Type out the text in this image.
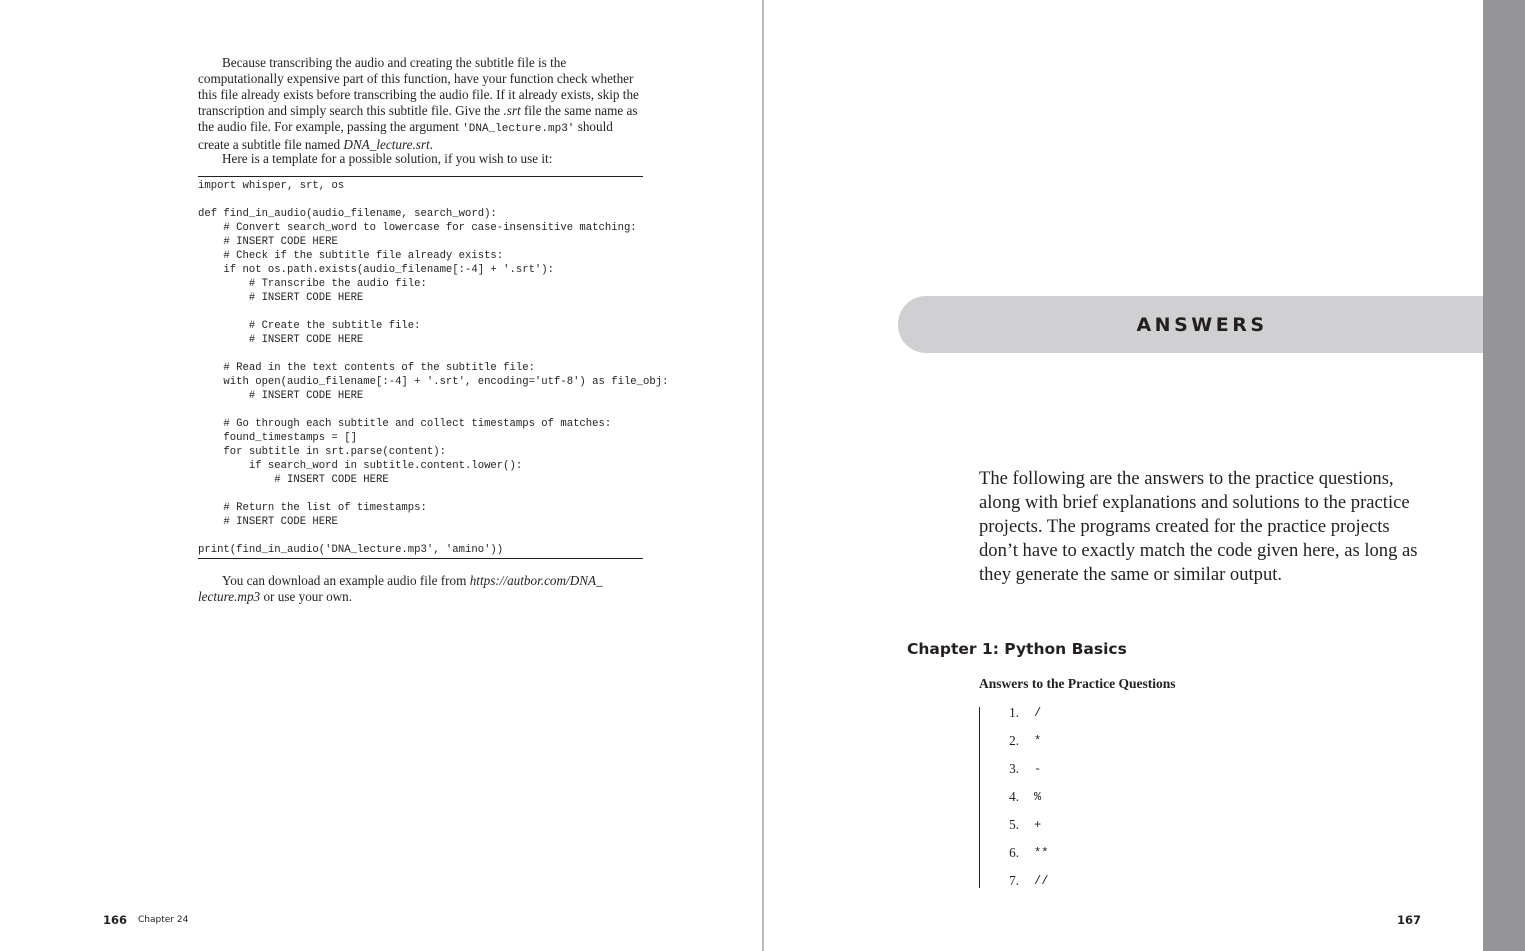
Because transcribing the audio and creating the subtitle file is the computationally expensive part of this function, have your function check whether this file already exists before transcribing the audio file. If it already exists, skip the transcription and simply search this subtitle file. Give the .srt file the same name as the audio file. For example, passing the argument 'DNA_lecture.mp3' should create a subtitle file named DNA_lecture.srt.

Here is a template for a possible solution, if you wish to use it:

import whisper, srt, os

def find_in_audio(audio_filename, search_word):
# Convert search_word to lowercase for case-insensitive matching:
# INSERT CODE HERE
# Check if the subtitle file already exists:
if not os.path.exists(audio_filename[:-4] + '.srt'):
# Transcribe the audio file:
# INSERT CODE HERE

# Create the subtitle file:
# INSERT CODE HERE

# Read in the text contents of the subtitle file:
with open(audio_filename[:-4] + '.srt', encoding='utf-8') as file_obj:
# INSERT CODE HERE

# Go through each subtitle and collect timestamps of matches:
found_timestamps = []
for subtitle in srt.parse(content):
if search_word in subtitle.content.lower():
# INSERT CODE HERE

# Return the list of timestamps:
# INSERT CODE HERE

print(find_in_audio('DNA_lecture.mp3', 'amino'))

You can download an example audio file from https://autbor.com/DNA_ lecture.mp3 or use your own.

166 Chapter 24
ANSWERS

The following are the answers to the practice questions, along with brief explanations and solutions to the practice projects. The programs created for the practice projects don’t have to exactly match the code given here, as long as they generate the same or similar output.

Chapter 1: Python Basics
Answers to the Practice Questions
1. /
2. *
3. -
4. %
5. +
6. **
7. //
167
